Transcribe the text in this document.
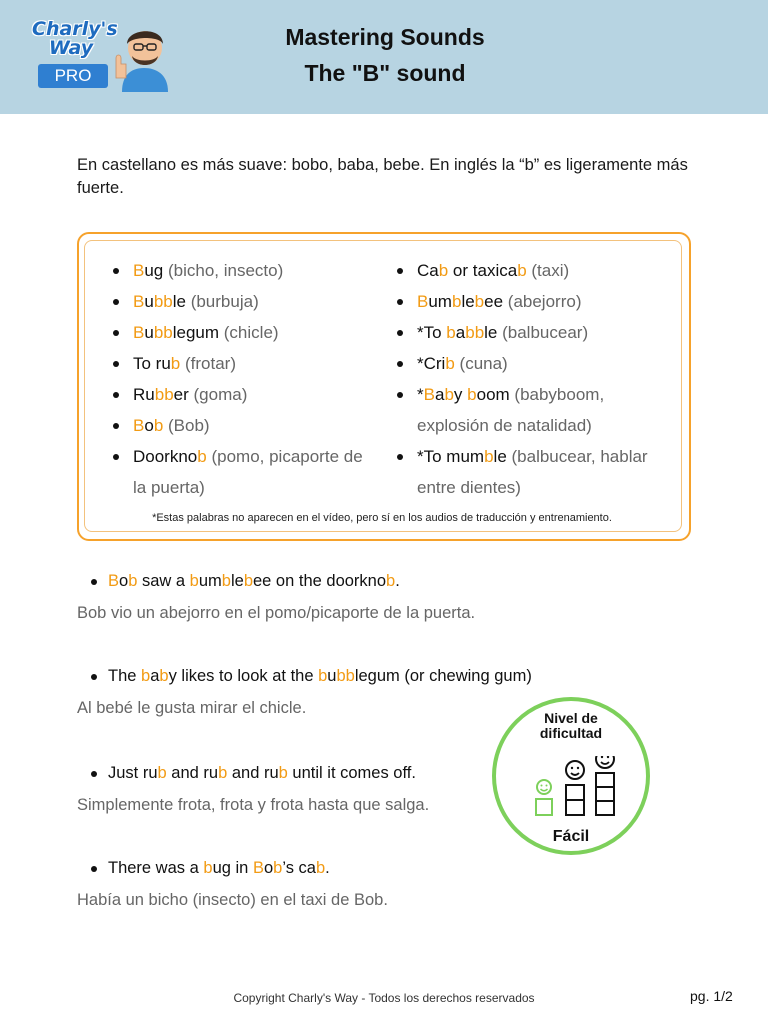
Charly's
Way
PRO
Mastering Sounds
The "B" sound
En castellano es más suave: bobo, baba, bebe. En inglés la “b” es ligeramente más fuerte.
Bug (bicho, insecto)
Bubble (burbuja)
Bubblegum (chicle)
To rub (frotar)
Rubber (goma)
Bob (Bob)
Doorknob (pomo, picaporte de la puerta)
Cab or taxicab (taxi)
Bumblebee (abejorro)
*To babble (balbucear)
*Crib (cuna)
*Baby boom (babyboom, explosión de natalidad)
*To mumble (balbucear, hablar entre dientes)
*Estas palabras no aparecen en el vídeo, pero sí en los audios de traducción y entrenamiento.
Bob saw a bumblebee on the doorknob.
Bob vio un abejorro en el pomo/picaporte de la puerta.
The baby likes to look at the bubblegum (or chewing gum)
Al bebé le gusta mirar el chicle.
Just rub and rub and rub until it comes off.
Simplemente frota, frota y frota hasta que salga.
There was a bug in Bob’s cab.
Había un bicho (insecto) en el taxi de Bob.
Nivel de
dificultad
Fácil
Copyright Charly's Way - Todos los derechos reservados	pg. 1/2
